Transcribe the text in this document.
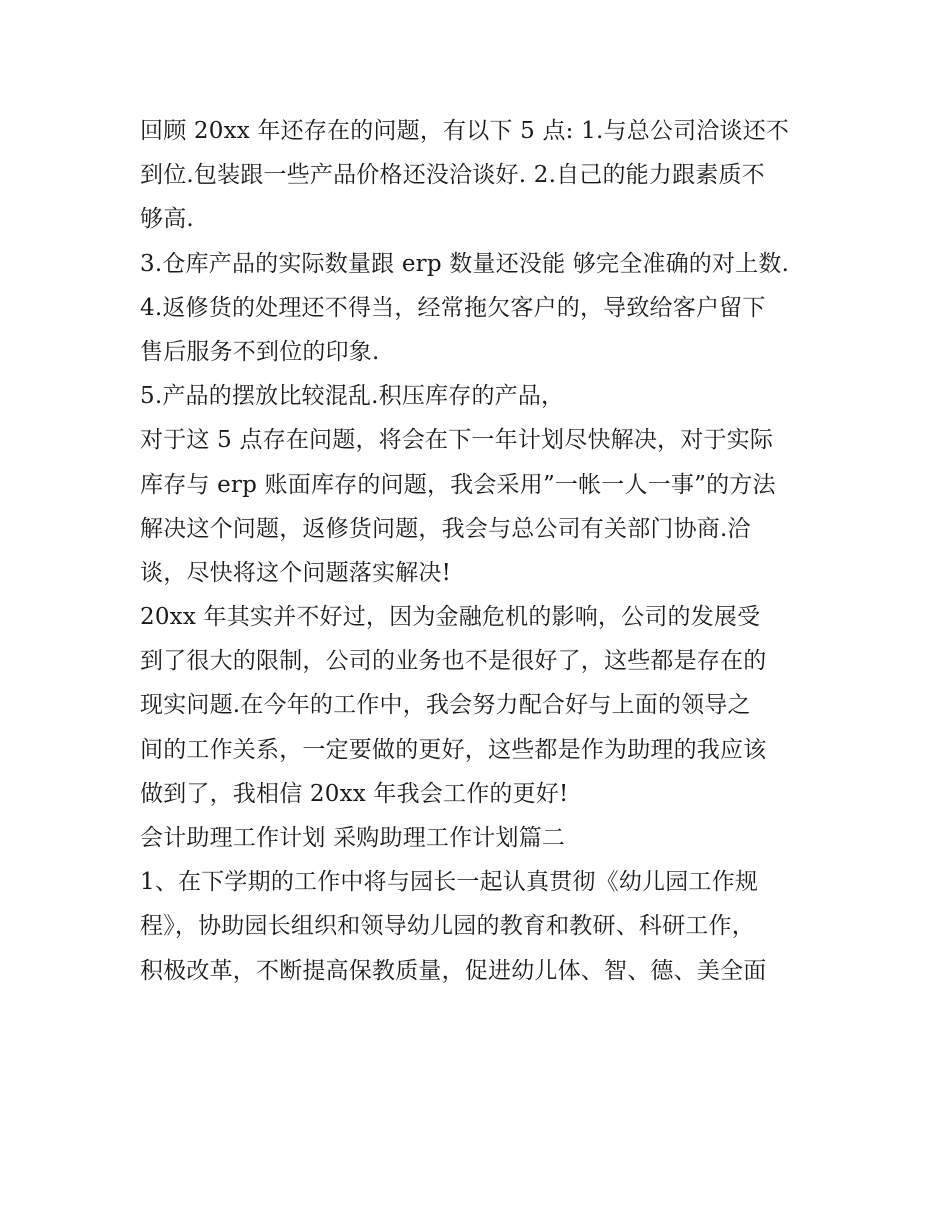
回顾 20xx 年还存在的问题，有以下 5 点: 1.与总公司洽谈还不
到位.包装跟一些产品价格还没洽谈好. 2.自己的能力跟素质不
够高.
3.仓库产品的实际数量跟 erp 数量还没能 够完全准确的对上数.
4.返修货的处理还不得当，经常拖欠客户的，导致给客户留下
售后服务不到位的印象.
5.产品的摆放比较混乱.积压库存的产品，
对于这 5 点存在问题，将会在下一年计划尽快解决，对于实际
库存与 erp 账面库存的问题，我会采用”一帐一人一事”的方法
解决这个问题，返修货问题，我会与总公司有关部门协商.洽
谈，尽快将这个问题落实解决!
20xx 年其实并不好过，因为金融危机的影响，公司的发展受
到了很大的限制，公司的业务也不是很好了，这些都是存在的
现实问题.在今年的工作中，我会努力配合好与上面的领导之
间的工作关系，一定要做的更好，这些都是作为助理的我应该
做到了，我相信 20xx 年我会工作的更好!
会计助理工作计划 采购助理工作计划篇二
1、在下学期的工作中将与园长一起认真贯彻《幼儿园工作规
程》，协助园长组织和领导幼儿园的教育和教研、科研工作，
积极改革，不断提高保教质量，促进幼儿体、智、德、美全面
